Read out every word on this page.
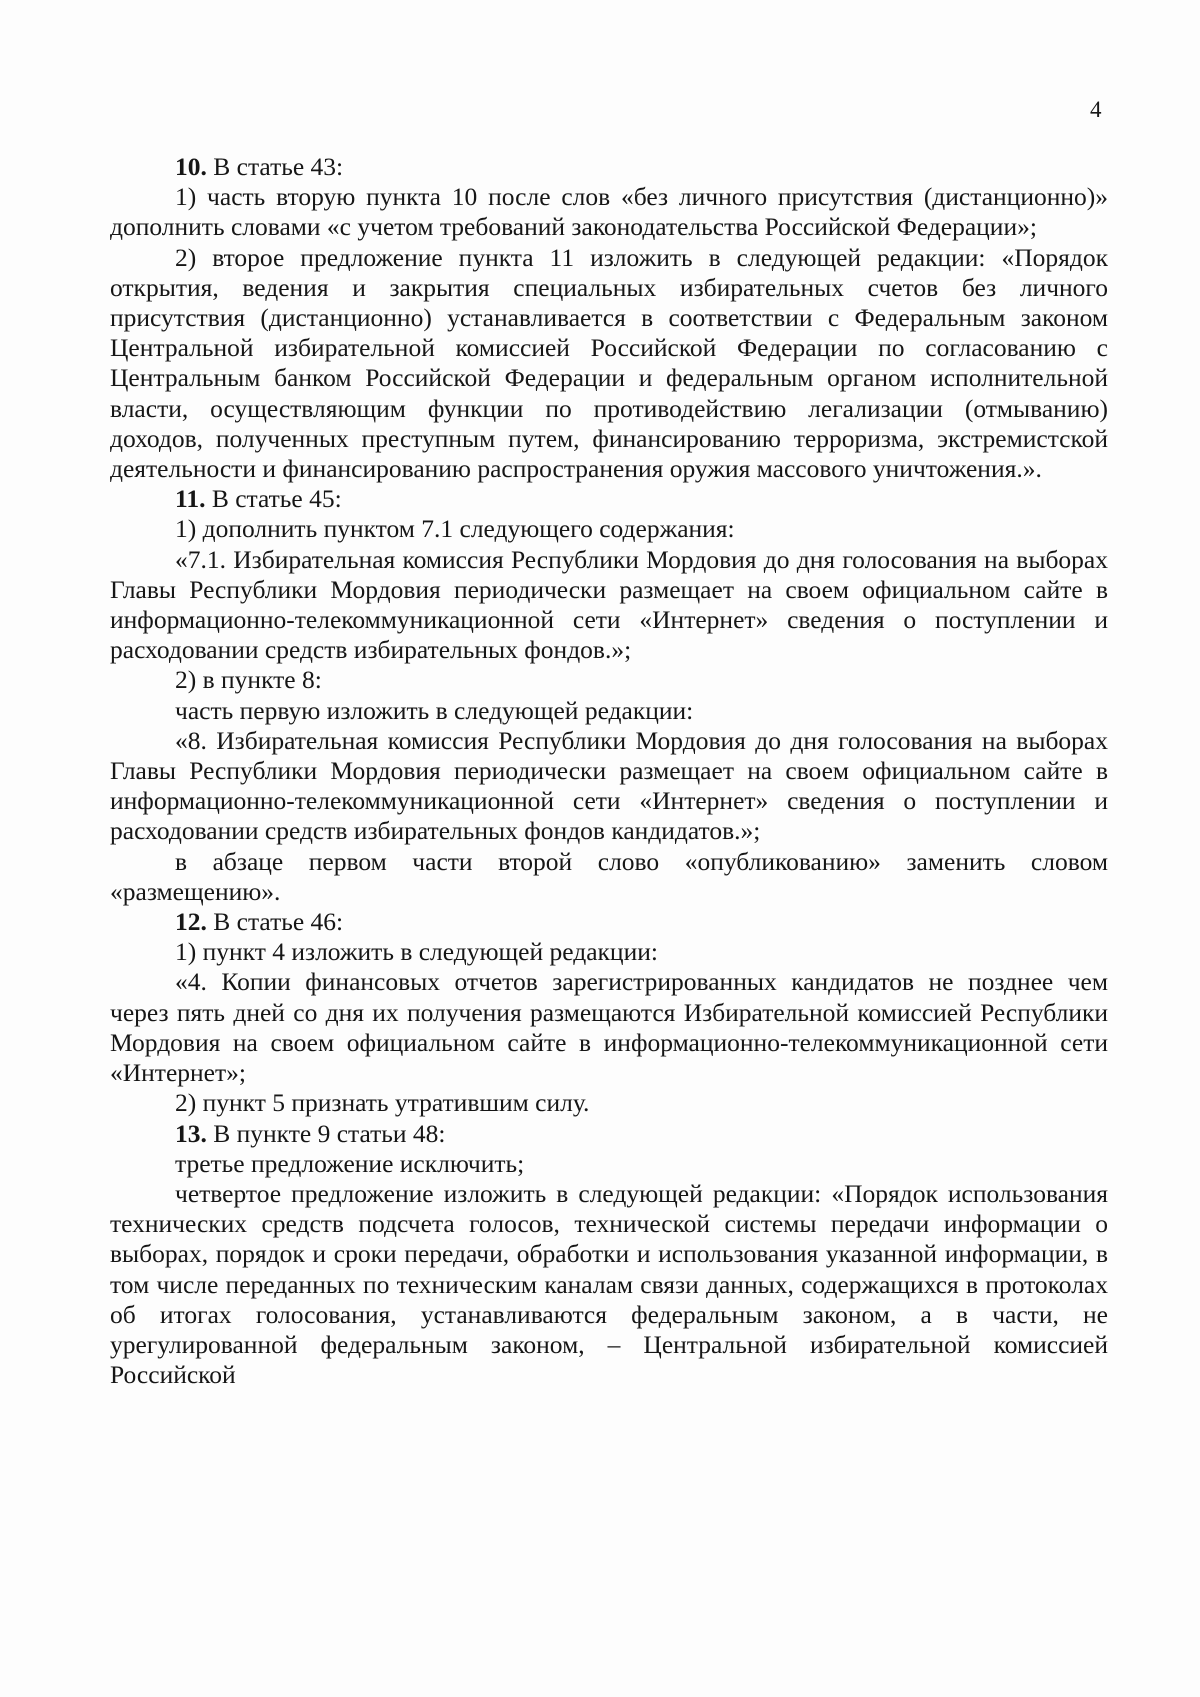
4

10. В статье 43:

1) часть вторую пункта 10 после слов «без личного присутствия (дистанционно)» дополнить словами «с учетом требований законодательства Российской Федерации»;

2) второе предложение пункта 11 изложить в следующей редакции: «Порядок открытия, ведения и закрытия специальных избирательных счетов без личного присутствия (дистанционно) устанавливается в соответствии с Федеральным законом Центральной избирательной комиссией Российской Федерации по согласованию с Центральным банком Российской Федерации и федеральным органом исполнительной власти, осуществляющим функции по противодействию легализации (отмыванию) доходов, полученных преступным путем, финансированию терроризма, экстремистской деятельности и финансированию распространения оружия массового уничтожения.».

11. В статье 45:

1) дополнить пунктом 7.1 следующего содержания:

«7.1. Избирательная комиссия Республики Мордовия до дня голосования на выборах Главы Республики Мордовия периодически размещает на своем официальном сайте в информационно-телекоммуникационной сети «Интернет» сведения о поступлении и расходовании средств избирательных фондов.»;

2) в пункте 8:

часть первую изложить в следующей редакции:

«8. Избирательная комиссия Республики Мордовия до дня голосования на выборах Главы Республики Мордовия периодически размещает на своем официальном сайте в информационно-телекоммуникационной сети «Интернет» сведения о поступлении и расходовании средств избирательных фондов кандидатов.»;

в абзаце первом части второй слово «опубликованию» заменить словом «размещению».

12. В статье 46:

1) пункт 4 изложить в следующей редакции:

«4. Копии финансовых отчетов зарегистрированных кандидатов не позднее чем через пять дней со дня их получения размещаются Избирательной комиссией Республики Мордовия на своем официальном сайте в информационно-телекоммуникационной сети «Интернет»;

2) пункт 5 признать утратившим силу.

13. В пункте 9 статьи 48:

третье предложение исключить;

четвертое предложение изложить в следующей редакции: «Порядок использования технических средств подсчета голосов, технической системы передачи информации о выборах, порядок и сроки передачи, обработки и использования указанной информации, в том числе переданных по техническим каналам связи данных, содержащихся в протоколах об итогах голосования, устанавливаются федеральным законом, а в части, не урегулированной федеральным законом, – Центральной избирательной комиссией Российской
